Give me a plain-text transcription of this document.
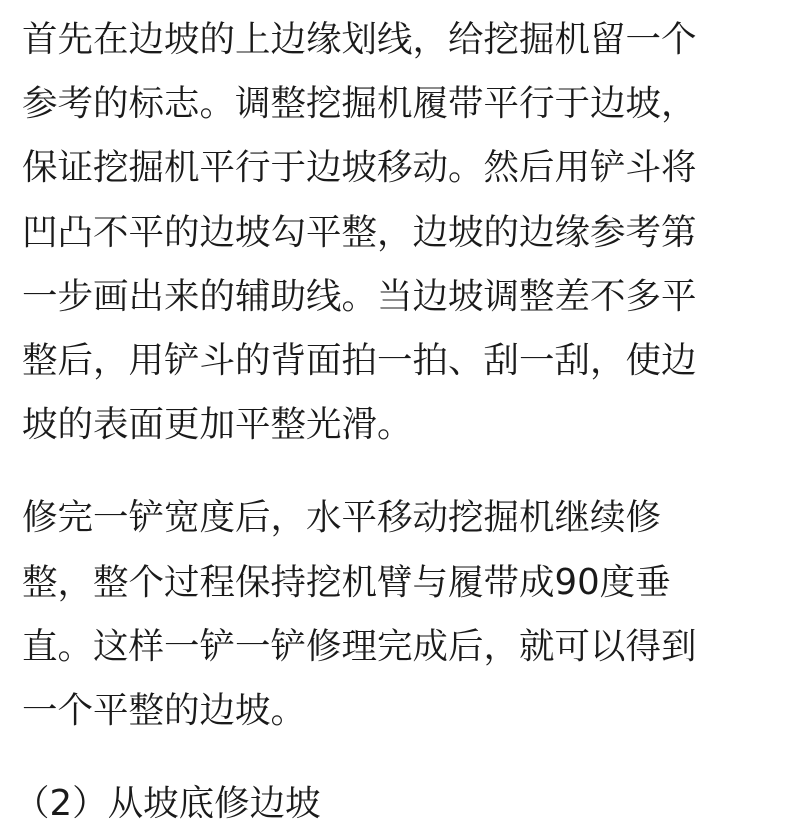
首先在边坡的上边缘划线，给挖掘机留一个
参考的标志。调整挖掘机履带平行于边坡，
保证挖掘机平行于边坡移动。然后用铲斗将
凹凸不平的边坡勾平整，边坡的边缘参考第
一步画出来的辅助线。当边坡调整差不多平
整后，用铲斗的背面拍一拍、刮一刮，使边
坡的表面更加平整光滑。

修完一铲宽度后，水平移动挖掘机继续修
整，整个过程保持挖机臂与履带成90度垂
直。这样一铲一铲修理完成后，就可以得到
一个平整的边坡。

（2）从坡底修边坡
